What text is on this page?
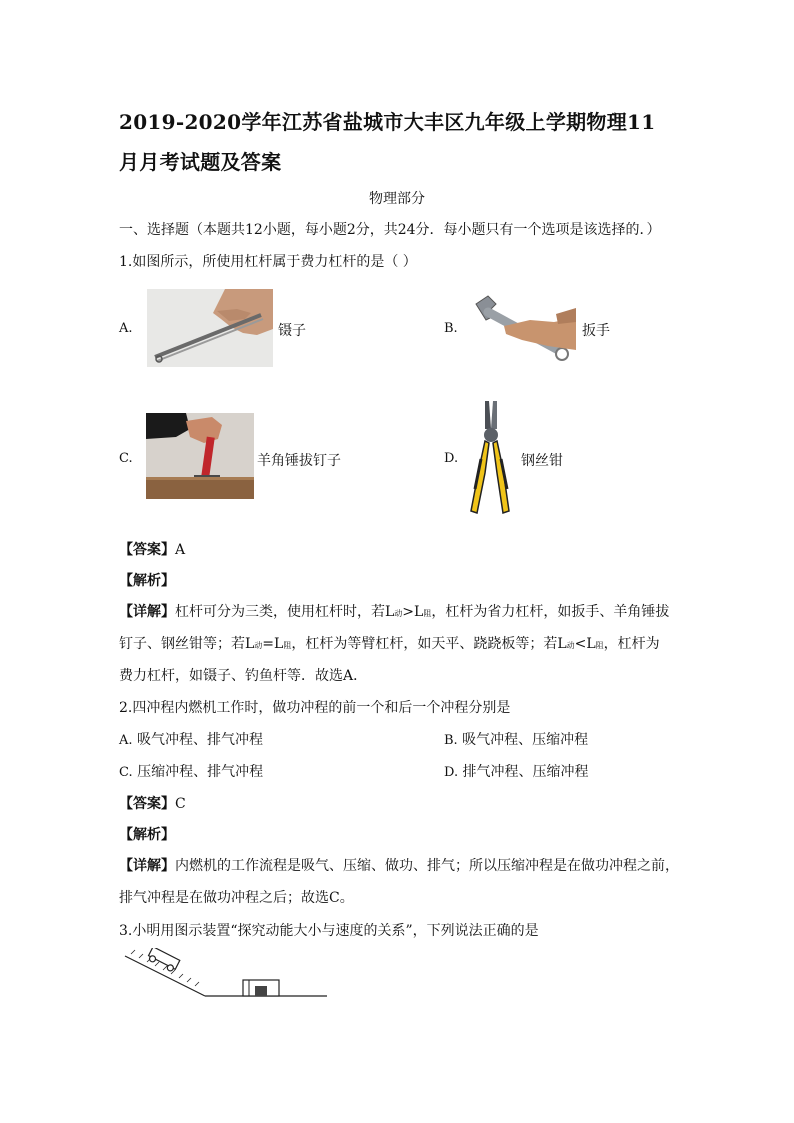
2019-2020学年江苏省盐城市大丰区九年级上学期物理11
月月考试题及答案
物理部分
一、选择题（本题共12小题，每小题2分，共24分．每小题只有一个选项是该选择的．）
1.如图所示，所使用杠杆属于费力杠杆的是（ ）
A.	镊子	B.	扳手
C.	羊角锤拔钉子	D.	钢丝钳
【答案】A
【解析】
【详解】杠杆可分为三类，使用杠杆时，若L动>L阻，杠杆为省力杠杆，如扳手、羊角锤拔
钉子、钢丝钳等；若L动=L阻，杠杆为等臂杠杆，如天平、跷跷板等；若L动<L阻，杠杆为
费力杠杆，如镊子、钓鱼杆等．故选A．
2.四冲程内燃机工作时，做功冲程的前一个和后一个冲程分别是
A. 吸气冲程、排气冲程	B. 吸气冲程、压缩冲程
C. 压缩冲程、排气冲程	D. 排气冲程、压缩冲程
【答案】C
【解析】
【详解】内燃机的工作流程是吸气、压缩、做功、排气；所以压缩冲程是在做功冲程之前，
排气冲程是在做功冲程之后；故选C。
3.小明用图示装置“探究动能大小与速度的关系”，下列说法正确的是
